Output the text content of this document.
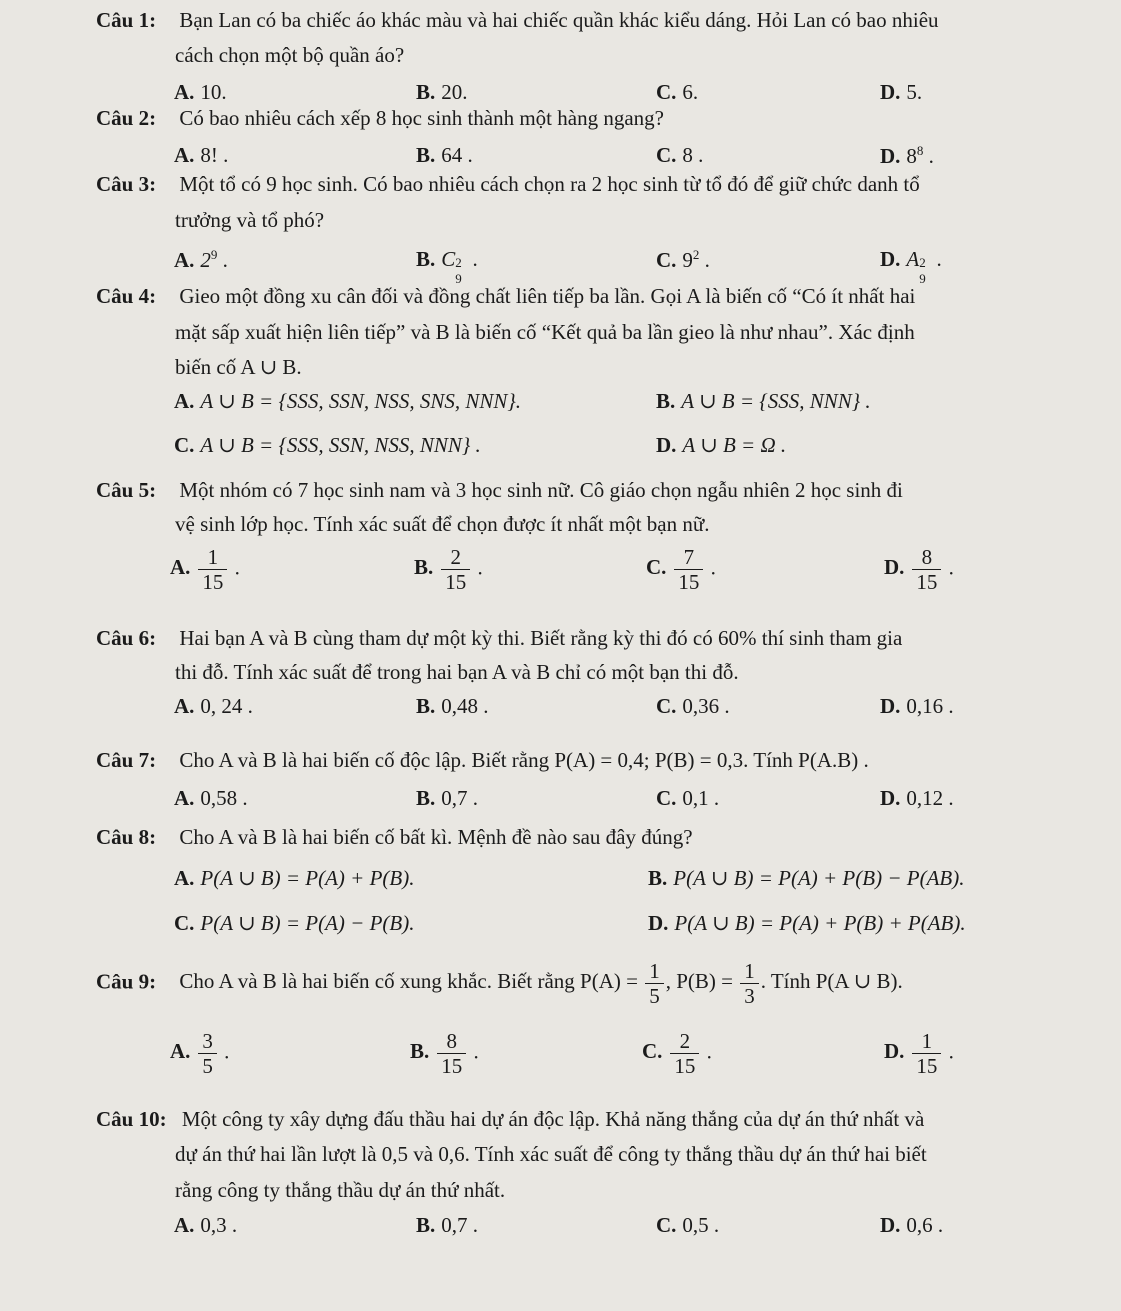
Câu 1: Bạn Lan có ba chiếc áo khác màu và hai chiếc quần khác kiểu dáng. Hỏi Lan có bao nhiêu
cách chọn một bộ quần áo?
A. 10.	B. 20.	C. 6.	D. 5.
Câu 2: Có bao nhiêu cách xếp 8 học sinh thành một hàng ngang?
A. 8! .	B. 64 .	C. 8 .	D. $8^8$ .
Câu 3: Một tổ có 9 học sinh. Có bao nhiêu cách chọn ra 2 học sinh từ tổ đó để giữ chức danh tổ
trưởng và tổ phó?
A. $2^9$ .	B. C 2
9
.	C. $9^2$ .	D. A 2
9
.
Câu 4: Gieo một đồng xu cân đối và đồng chất liên tiếp ba lần. Gọi A là biến cố “Có ít nhất hai
mặt sấp xuất hiện liên tiếp” và B là biến cố “Kết quả ba lần gieo là như nhau”. Xác định
biến cố A ∪ B.
A. A ∪ B = {SSS, SSN, NSS, SNS, NNN}.	B. A ∪ B = {SSS, NNN} .
C. A ∪ B = {SSS, SSN, NSS, NNN} .	D. A ∪ B = Ω .
Câu 5: Một nhóm có 7 học sinh nam và 3 học sinh nữ. Cô giáo chọn ngẫu nhiên 2 học sinh đi
vệ sinh lớp học. Tính xác suất để chọn được ít nhất một bạn nữ.
A. $\frac{1}{15}$ .	B. $\frac{2}{15}$ .	C. $\frac{7}{15}$ .	D. $\frac{8}{15}$ .
Câu 6: Hai bạn A và B cùng tham dự một kỳ thi. Biết rằng kỳ thi đó có 60% thí sinh tham gia
thi đỗ. Tính xác suất để trong hai bạn A và B chỉ có một bạn thi đỗ.
A. 0, 24 .	B. 0,48 .	C. 0,36 .	D. 0,16 .
Câu 7: Cho A và B là hai biến cố độc lập. Biết rằng P(A) = 0,4; P(B) = 0,3. Tính P(A.B) .
A. 0,58 .	B. 0,7 .	C. 0,1 .	D. 0,12 .
Câu 8: Cho A và B là hai biến cố bất kì. Mệnh đề nào sau đây đúng?
A. P(A ∪ B) = P(A) + P(B).	B. P(A ∪ B) = P(A) + P(B) − P(AB).
C. P(A ∪ B) = P(A) − P(B).	D. P(A ∪ B) = P(A) + P(B) + P(AB).
Câu 9: Cho A và B là hai biến cố xung khắc. Biết rằng $P(A) = \frac{1}{5}$ , $P(B) = \frac{1}{3}$ . Tính P(A ∪ B).
A. $\frac{3}{5}$ .	B. $\frac{8}{15}$ .	C. $\frac{2}{15}$ .	D. $\frac{1}{15}$ .
Câu 10: Một công ty xây dựng đấu thầu hai dự án độc lập. Khả năng thắng của dự án thứ nhất và
dự án thứ hai lần lượt là 0,5 và 0,6. Tính xác suất để công ty thắng thầu dự án thứ hai biết
rằng công ty thắng thầu dự án thứ nhất.
A. 0,3 .	B. 0,7 .	C. 0,5 .	D. 0,6 .
